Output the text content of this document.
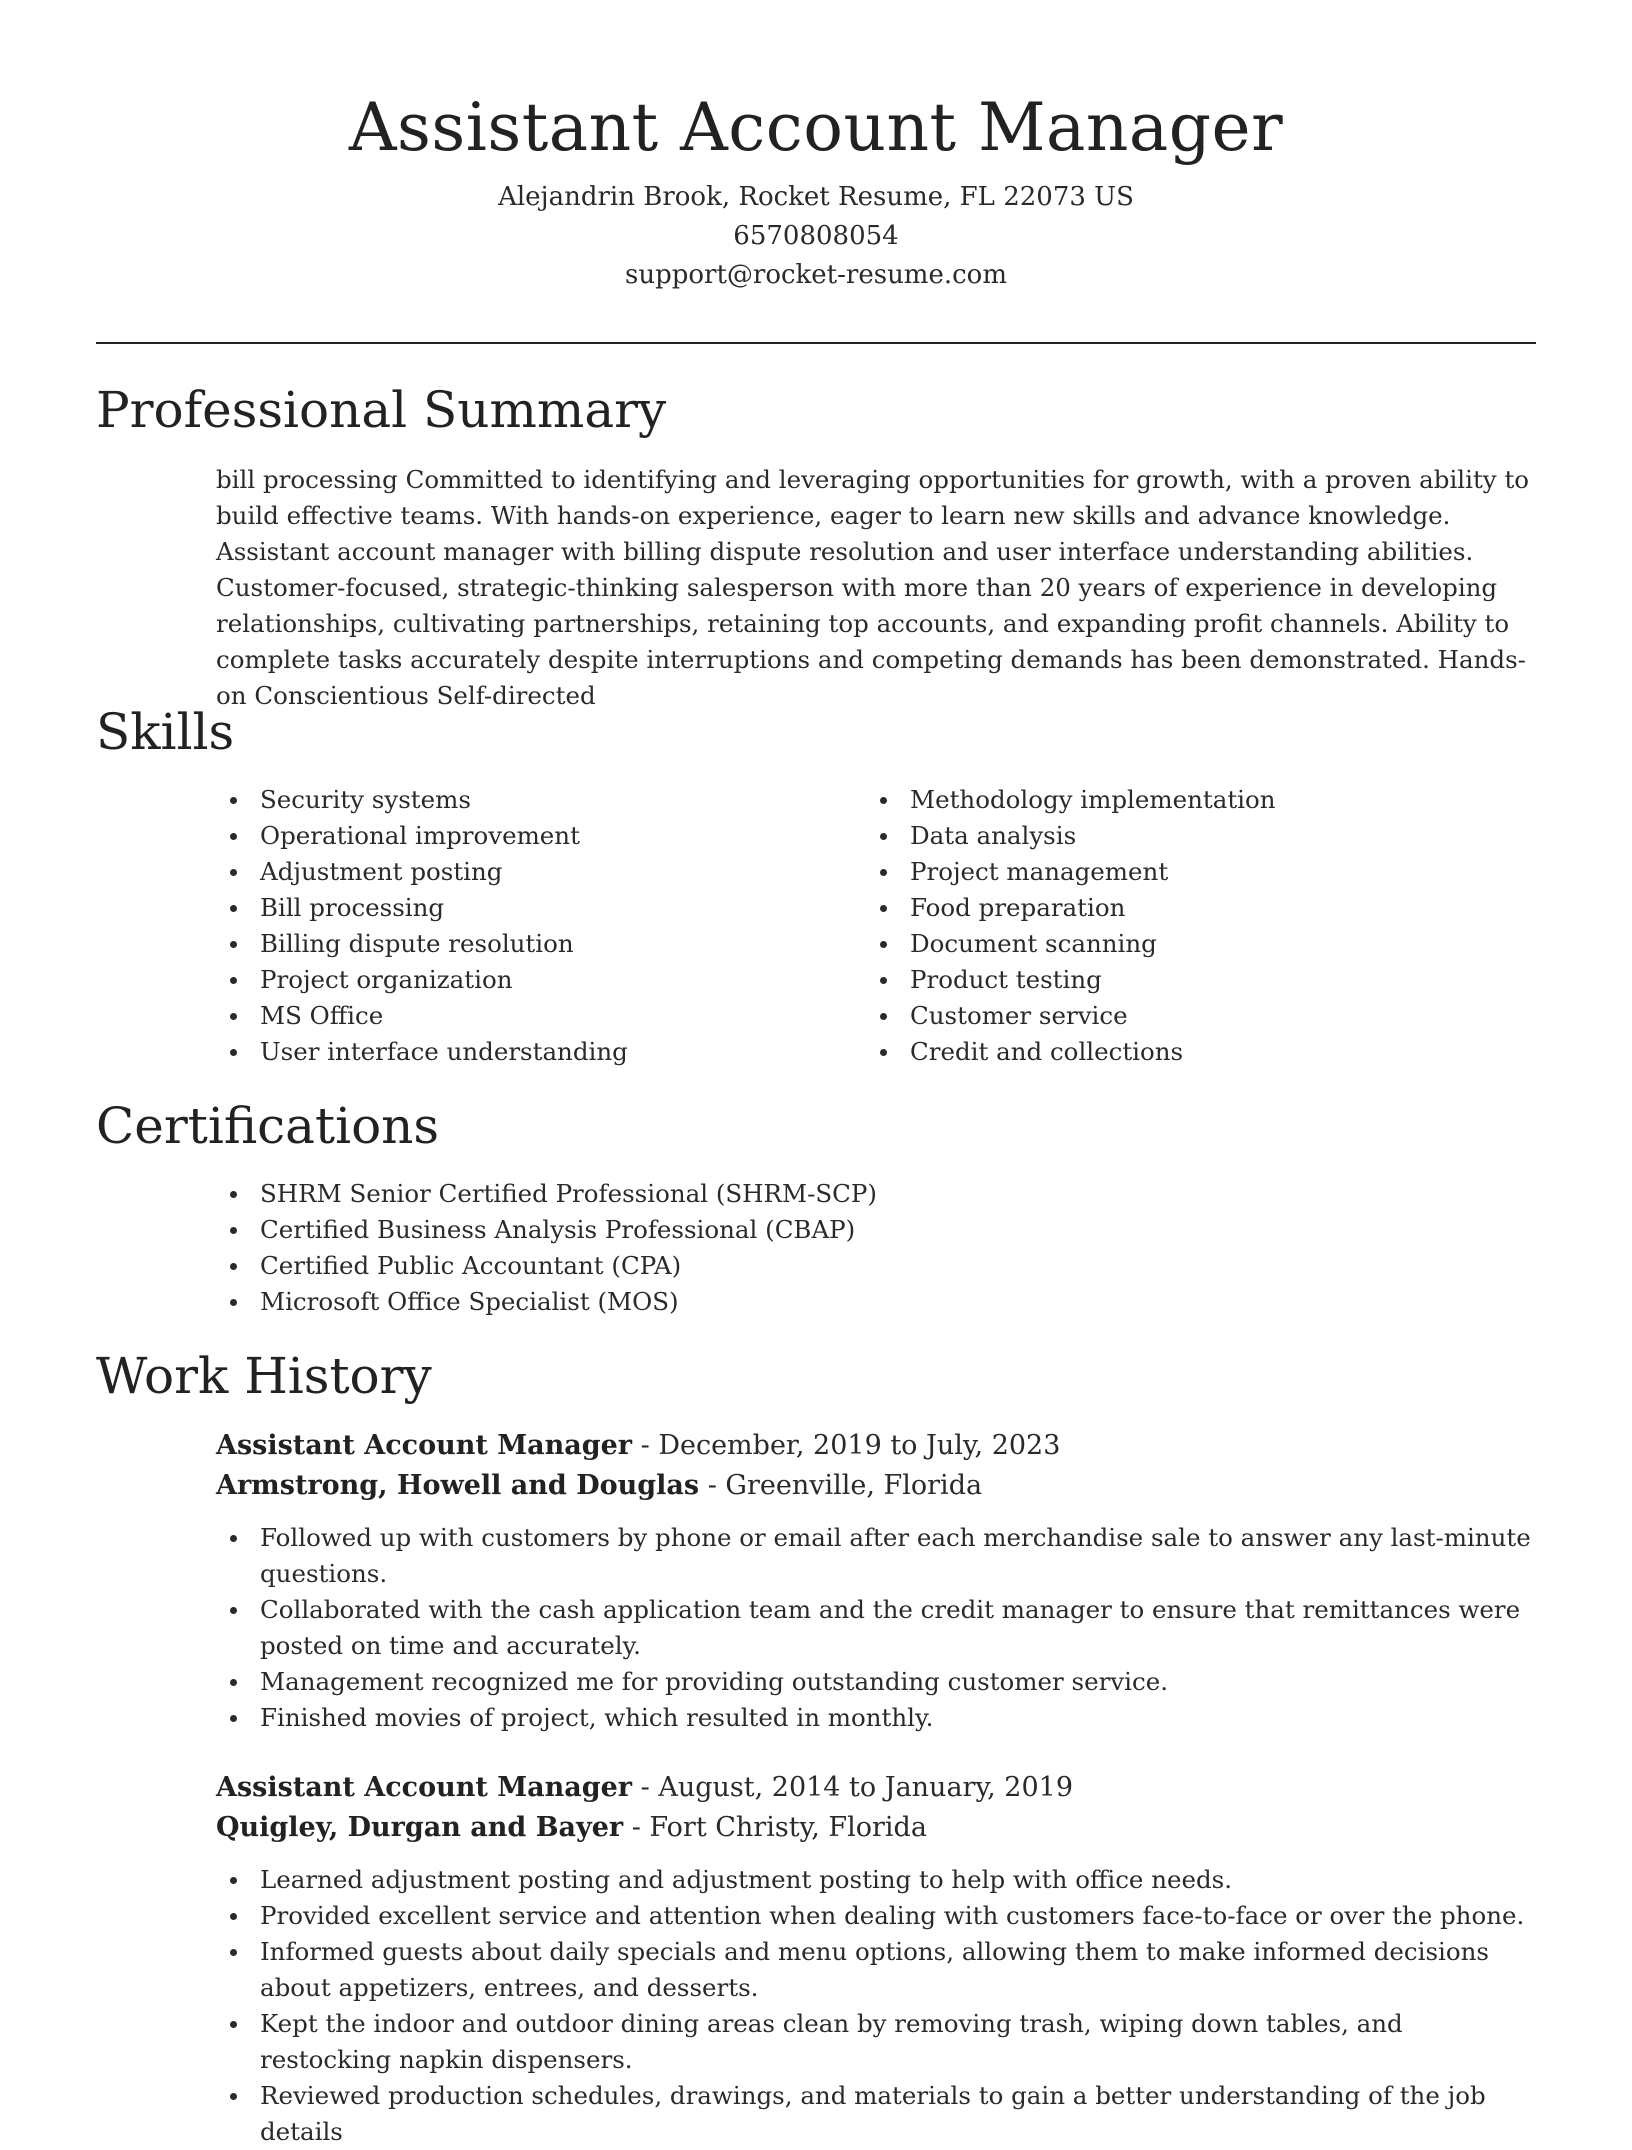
Assistant Account Manager

Alejandrin Brook, Rocket Resume, FL 22073 US

6570808054

support@rocket-resume.com

Professional Summary

bill processing Committed to identifying and leveraging opportunities for growth, with a proven ability to build effective teams. With hands-on experience, eager to learn new skills and advance knowledge. Assistant account manager with billing dispute resolution and user interface understanding abilities. Customer-focused, strategic-thinking salesperson with more than 20 years of experience in developing relationships, cultivating partnerships, retaining top accounts, and expanding profit channels. Ability to complete tasks accurately despite interruptions and competing demands has been demonstrated. Hands-on Conscientious Self-directed

Skills
Security systems
Operational improvement
Adjustment posting
Bill processing
Billing dispute resolution
Project organization
MS Office
User interface understanding
Methodology implementation
Data analysis
Project management
Food preparation
Document scanning
Product testing
Customer service
Credit and collections
Certifications
SHRM Senior Certified Professional (SHRM-SCP)
Certified Business Analysis Professional (CBAP)
Certified Public Accountant (CPA)
Microsoft Office Specialist (MOS)
Work History

Assistant Account Manager - December, 2019 to July, 2023

Armstrong, Howell and Douglas - Greenville, Florida

Followed up with customers by phone or email after each merchandise sale to answer any last-minute questions.
Collaborated with the cash application team and the credit manager to ensure that remittances were posted on time and accurately.
Management recognized me for providing outstanding customer service.
Finished movies of project, which resulted in monthly.

Assistant Account Manager - August, 2014 to January, 2019

Quigley, Durgan and Bayer - Fort Christy, Florida

Learned adjustment posting and adjustment posting to help with office needs.
Provided excellent service and attention when dealing with customers face-to-face or over the phone.
Informed guests about daily specials and menu options, allowing them to make informed decisions about appetizers, entrees, and desserts.
Kept the indoor and outdoor dining areas clean by removing trash, wiping down tables, and restocking napkin dispensers.
Reviewed production schedules, drawings, and materials to gain a better understanding of the job details
